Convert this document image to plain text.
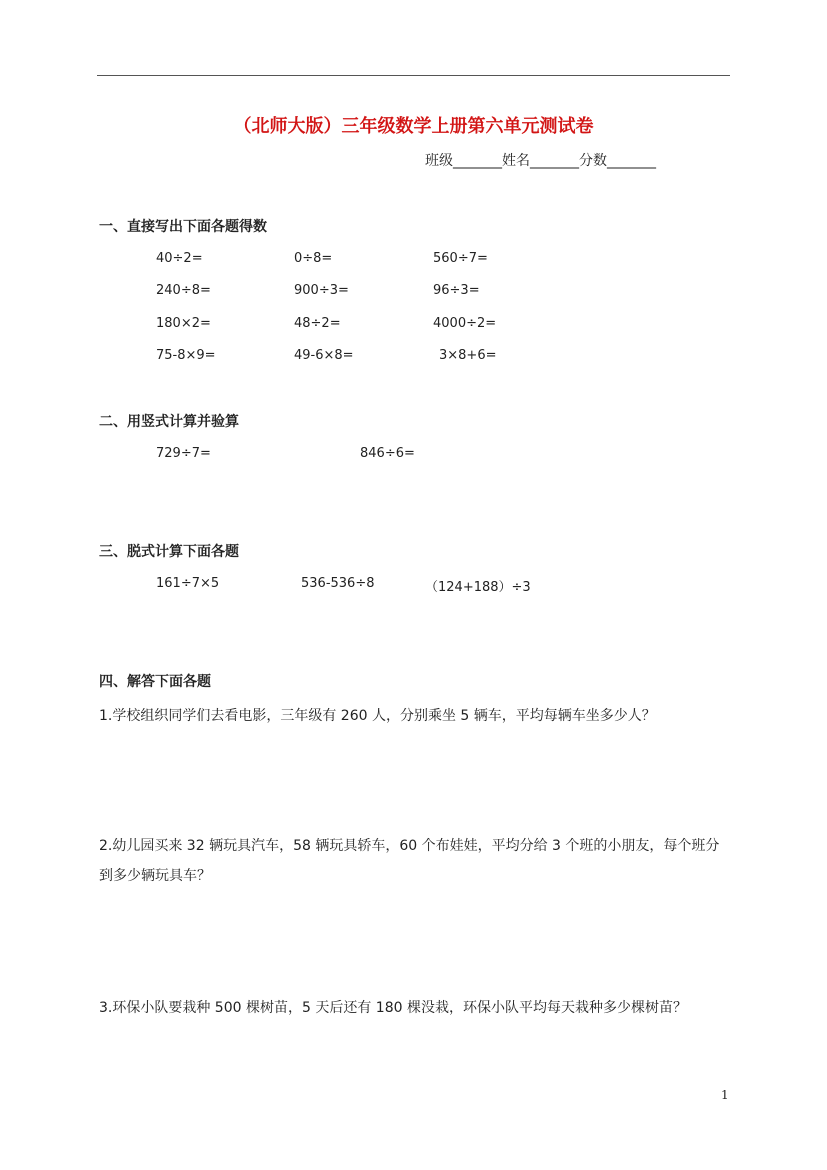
（北师大版）三年级数学上册第六单元测试卷
班级_______姓名_______分数_______
一、直接写出下面各题得数
40÷2=	0÷8=	560÷7=
240÷8=	900÷3=	96÷3=
180×2=	48÷2=	4000÷2=
75-8×9=	49-6×8=	3×8+6=
二、用竖式计算并验算
729÷7=	846÷6=
三、脱式计算下面各题
161÷7×5	536-536÷8	（124+188）÷3
四、解答下面各题
1.学校组织同学们去看电影，三年级有 260 人，分别乘坐 5 辆车，平均每辆车坐多少人？
2.幼儿园买来 32 辆玩具汽车，58 辆玩具轿车，60 个布娃娃，平均分给 3 个班的小朋友，每个班分
到多少辆玩具车？
3.环保小队要栽种 500 棵树苗，5 天后还有 180 棵没栽，环保小队平均每天栽种多少棵树苗？
1
